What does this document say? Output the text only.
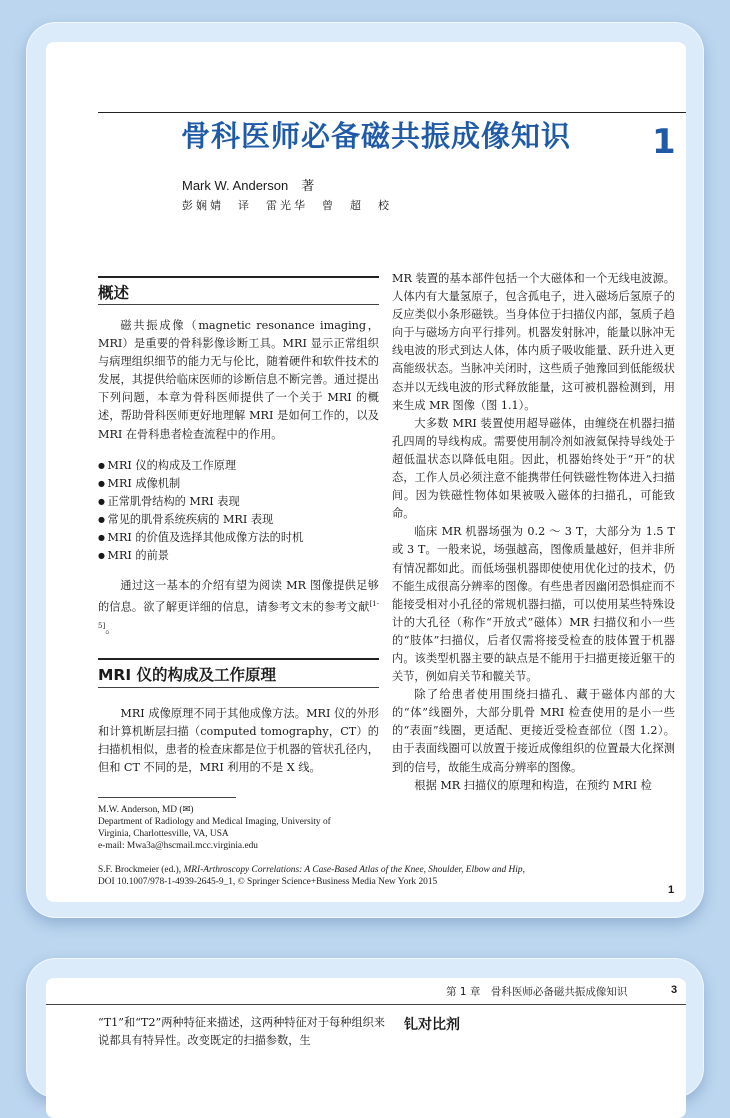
骨科医师必备磁共振成像知识	1
Mark W. Anderson　著
彭娴婧　译　雷光华　曾　超　校
概述

磁共振成像（magnetic resonance imaging，MRI）是重要的骨科影像诊断工具。MRI 显示正常组织与病理组织细节的能力无与伦比，随着硬件和软件技术的发展，其提供给临床医师的诊断信息不断完善。通过提出下列问题，本章为骨科医师提供了一个关于 MRI 的概述，帮助骨科医师更好地理解 MRI 是如何工作的，以及 MRI 在骨科患者检查流程中的作用。

● MRI 仪的构成及工作原理
● MRI 成像机制
● 正常肌骨结构的 MRI 表现
● 常见的肌骨系统疾病的 MRI 表现
● MRI 的价值及选择其他成像方法的时机
● MRI 的前景

通过这一基本的介绍有望为阅读 MR 图像提供足够的信息。欲了解更详细的信息，请参考文末的参考文献[1-5]。

MRI 仪的构成及工作原理

MRI 成像原理不同于其他成像方法。MRI 仪的外形和计算机断层扫描（computed tomography，CT）的扫描机相似，患者的检查床都是位于机器的管状孔径内，但和 CT 不同的是，MRI 利用的不是 X 线。

M.W. Anderson, MD (✉)
Department of Radiology and Medical Imaging, University of
Virginia, Charlottesville, VA, USA
e-mail: Mwa3a@hscmail.mcc.virginia.edu
S.F. Brockmeier (ed.), MRI-Arthroscopy Correlations: A Case-Based Atlas of the Knee, Shoulder, Elbow and Hip,
DOI 10.1007/978-1-4939-2645-9_1, © Springer Science+Business Media New York 2015
1

MR 装置的基本部件包括一个大磁体和一个无线电波源。人体内有大量氢原子，包含孤电子，进入磁场后氢原子的反应类似小条形磁铁。当身体位于扫描仪内部，氢质子趋向于与磁场方向平行排列。机器发射脉冲，能量以脉冲无线电波的形式到达人体，体内质子吸收能量、跃升进入更高能级状态。当脉冲关闭时，这些质子弛豫回到低能级状态并以无线电波的形式释放能量，这可被机器检测到，用来生成 MR 图像（图 1.1）。

大多数 MRI 装置使用超导磁体，由缠绕在机器扫描孔四周的导线构成。需要使用制冷剂如液氦保持导线处于超低温状态以降低电阻。因此，机器始终处于“开”的状态，工作人员必须注意不能携带任何铁磁性物体进入扫描间。因为铁磁性物体如果被吸入磁体的扫描孔，可能致命。

临床 MR 机器场强为 0.2 ～ 3 T，大部分为 1.5 T 或 3 T。一般来说，场强越高，图像质量越好，但并非所有情况都如此。而低场强机器即使使用优化过的技术，仍不能生成很高分辨率的图像。有些患者因幽闭恐惧症而不能接受相对小孔径的常规机器扫描，可以使用某些特殊设计的大孔径（称作“开放式”磁体）MR 扫描仪和小一些的“肢体”扫描仪，后者仅需将接受检查的肢体置于机器内。该类型机器主要的缺点是不能用于扫描更接近躯干的关节，例如肩关节和髋关节。

除了给患者使用围绕扫描孔、藏于磁体内部的大的“体”线圈外，大部分肌骨 MRI 检查使用的是小一些的“表面”线圈，更适配、更接近受检查部位（图 1.2）。由于表面线圈可以放置于接近成像组织的位置最大化探测到的信号，故能生成高分辨率的图像。

根据 MR 扫描仪的原理和构造，在预约 MRI 检

第 1 章　骨科医师必备磁共振成像知识	3
“T1”和“T2”两种特征来描述，这两种特征对于每种组织来说都具有特异性。改变既定的扫描参数，生
钆对比剂
